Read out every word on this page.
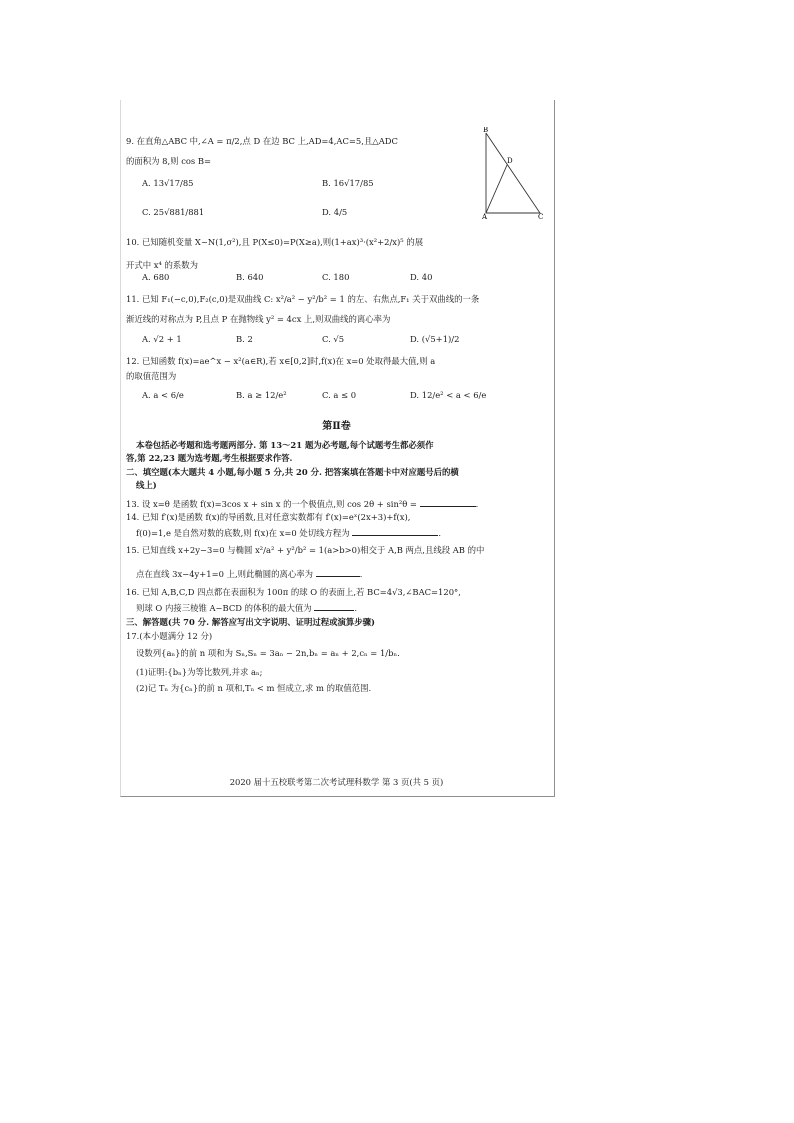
9. 在直角△ABC 中,∠A = π/2,点 D 在边 BC 上,AD=4,AC=5,且△ADC
的面积为 8,则 cos B=
A. 13√17/85	B. 16√17/85
C. 25√881/881	D. 4/5
B
D
A	C
10. 已知随机变量 X~N(1,σ²),且 P(X≤0)=P(X≥a),则(1+ax)³·(x²+2/x)⁵ 的展
开式中 x⁴ 的系数为
A. 680	B. 640	C. 180	D. 40
11. 已知 F₁(−c,0),F₂(c,0)是双曲线 C: x²/a² − y²/b² = 1 的左、右焦点,F₁ 关于双曲线的一条
渐近线的对称点为 P,且点 P 在抛物线 y² = 4cx 上,则双曲线的离心率为
A. √2 + 1	B. 2	C. √5	D. (√5+1)/2
12. 已知函数 f(x)=ae^x − x²(a∈R),若 x∈[0,2]时,f(x)在 x=0 处取得最大值,则 a
的取值范围为
A. a < 6/e	B. a ≥ 12/e²	C. a ≤ 0	D. 12/e² < a < 6/e
第Ⅱ卷
本卷包括必考题和选考题两部分. 第 13～21 题为必考题,每个试题考生都必须作
答,第 22,23 题为选考题,考生根据要求作答.
二、填空题(本大题共 4 小题,每小题 5 分,共 20 分. 把答案填在答题卡中对应题号后的横
线上)
13. 设 x=θ 是函数 f(x)=3cos x + sin x 的一个极值点,则 cos 2θ + sin²θ =	.
14. 已知 f′(x)是函数 f(x)的导函数,且对任意实数都有 f′(x)=eˣ(2x+3)+f(x),
f(0)=1,e 是自然对数的底数,则 f(x)在 x=0 处切线方程为	.
15. 已知直线 x+2y−3=0 与椭圆 x²/a² + y²/b² = 1(a>b>0)相交于 A,B 两点,且线段 AB 的中
点在直线 3x−4y+1=0 上,则此椭圆的离心率为	.
16. 已知 A,B,C,D 四点都在表面积为 100π 的球 O 的表面上,若 BC=4√3,∠BAC=120°,
则球 O 内接三棱锥 A−BCD 的体积的最大值为	.
三、解答题(共 70 分. 解答应写出文字说明、证明过程或演算步骤)
17.(本小题满分 12 分)
设数列{aₙ}的前 n 项和为 Sₙ,Sₙ = 3aₙ − 2n,bₙ = aₙ + 2,cₙ = 1/bₙ.
(1)证明:{bₙ}为等比数列,并求 aₙ;
(2)记 Tₙ 为{cₙ}的前 n 项和,Tₙ < m 恒成立,求 m 的取值范围.
2020 届十五校联考第二次考试理科数学 第 3 页(共 5 页)
